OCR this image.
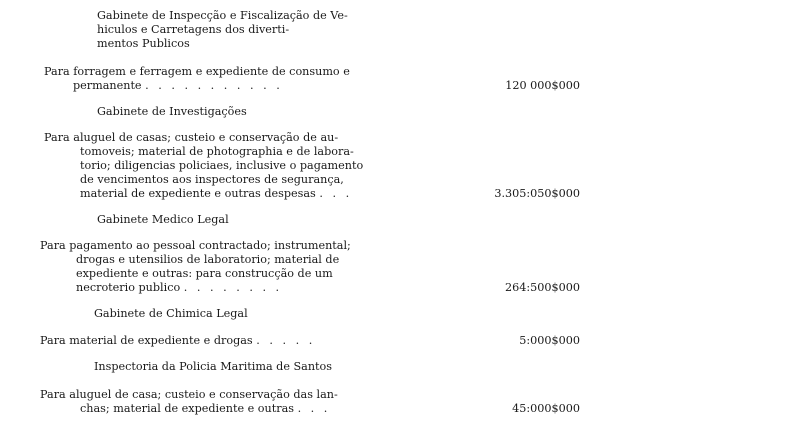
Gabinete de Inspecção e Fiscalização de Ve-
hiculos e Carretagens dos diverti-
mentos Publicos
Para forragem e ferragem e expediente de consumo e
permanente . . . . . . . . . . .	120 000$000
Gabinete de Investigações
Para aluguel de casas; custeio e conservação de au-
tomoveis; material de photographia e de labora-
torio; diligencias policiaes, inclusive o pagamento
de vencimentos aos inspectores de segurança,
material de expediente e outras despesas . . .	3.305:050$000
Gabinete Medico Legal
Para pagamento ao pessoal contractado; instrumental;
drogas e utensilios de laboratorio; material de
expediente e outras: para construcção de um
necroterio publico . . . . . . . .	264:500$000
Gabinete de Chimica Legal
Para material de expediente e drogas . . . . .	5:000$000
Inspectoria da Policia Maritima de Santos
Para aluguel de casa; custeio e conservação das lan-
chas; material de expediente e outras . . .	45:000$000
